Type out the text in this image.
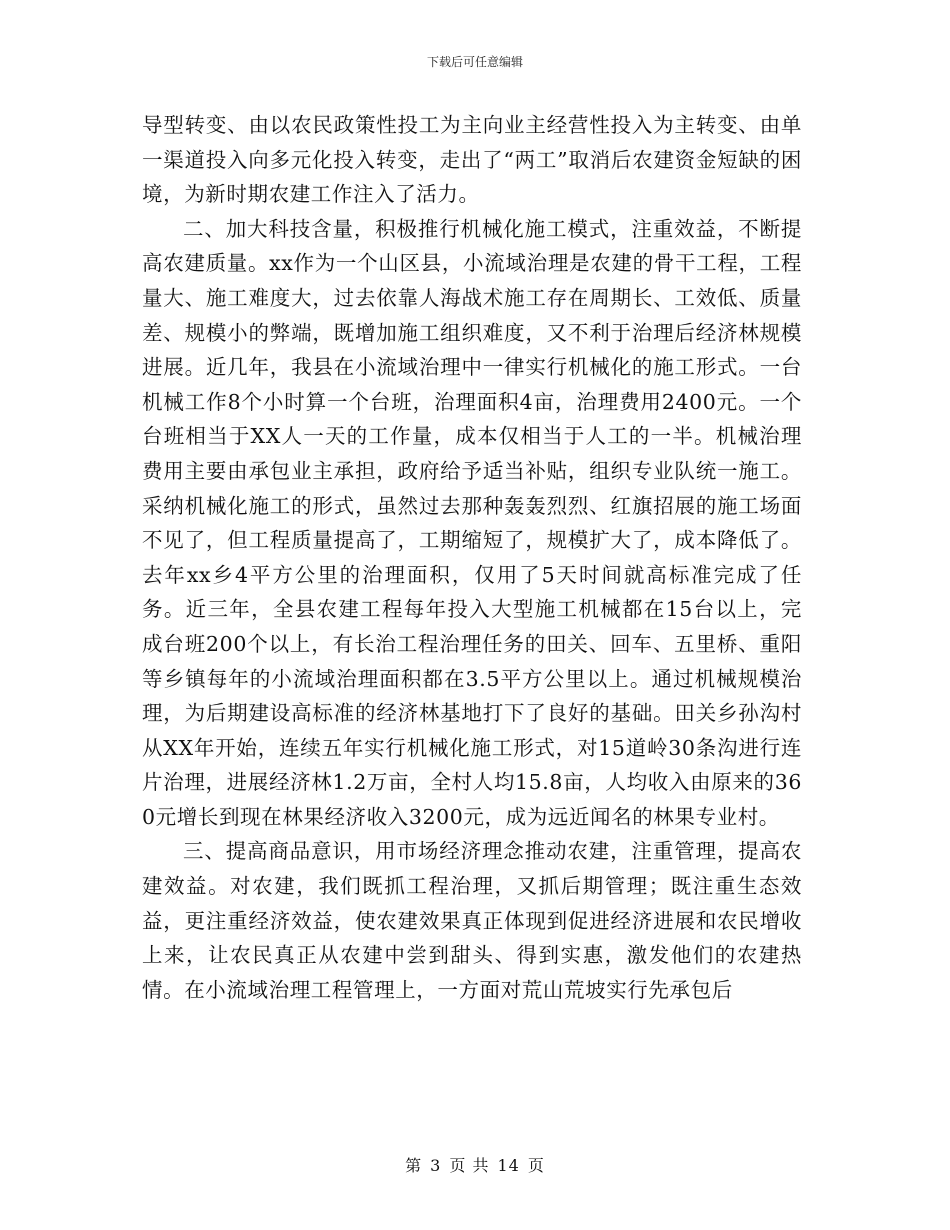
下载后可任意编辑

导型转变、由以农民政策性投工为主向业主经营性投入为主转变、由单一渠道投入向多元化投入转变，走出了“两工”取消后农建资金短缺的困境，为新时期农建工作注入了活力。

二、加大科技含量，积极推行机械化施工模式，注重效益，不断提高农建质量。xx作为一个山区县，小流域治理是农建的骨干工程，工程量大、施工难度大，过去依靠人海战术施工存在周期长、工效低、质量差、规模小的弊端，既增加施工组织难度，又不利于治理后经济林规模进展。近几年，我县在小流域治理中一律实行机械化的施工形式。一台机械工作8个小时算一个台班，治理面积4亩，治理费用2400元。一个台班相当于XX人一天的工作量，成本仅相当于人工的一半。机械治理费用主要由承包业主承担，政府给予适当补贴，组织专业队统一施工。采纳机械化施工的形式，虽然过去那种轰轰烈烈、红旗招展的施工场面不见了，但工程质量提高了，工期缩短了，规模扩大了，成本降低了。去年xx乡4平方公里的治理面积，仅用了5天时间就高标准完成了任务。近三年，全县农建工程每年投入大型施工机械都在15台以上，完成台班200个以上，有长治工程治理任务的田关、回车、五里桥、重阳等乡镇每年的小流域治理面积都在3.5平方公里以上。通过机械规模治理，为后期建设高标准的经济林基地打下了良好的基础。田关乡孙沟村从XX年开始，连续五年实行机械化施工形式，对15道岭30条沟进行连片治理，进展经济林1.2万亩，全村人均15.8亩，人均收入由原来的360元增长到现在林果经济收入3200元，成为远近闻名的林果专业村。

三、提高商品意识，用市场经济理念推动农建，注重管理，提高农建效益。对农建，我们既抓工程治理，又抓后期管理；既注重生态效益，更注重经济效益，使农建效果真正体现到促进经济进展和农民增收上来，让农民真正从农建中尝到甜头、得到实惠，激发他们的农建热情。在小流域治理工程管理上，一方面对荒山荒坡实行先承包后

第 3 页 共 14 页
